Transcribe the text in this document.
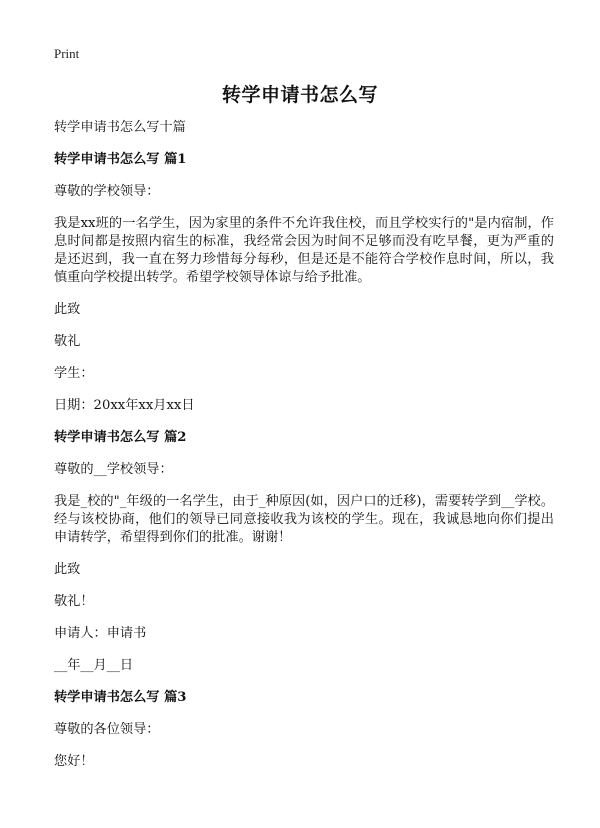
Print
转学申请书怎么写

转学申请书怎么写十篇

转学申请书怎么写 篇1

尊敬的学校领导：

我是xx班的一名学生，因为家里的条件不允许我住校，而且学校实行的"是内宿制，作息时间都是按照内宿生的标准，我经常会因为时间不足够而没有吃早餐，更为严重的是还迟到，我一直在努力珍惜每分每秒，但是还是不能符合学校作息时间，所以，我慎重向学校提出转学。希望学校领导体谅与给予批准。

此致

敬礼

学生：

日期：20xx年xx月xx日

转学申请书怎么写 篇2

尊敬的__学校领导：

我是_校的"_年级的一名学生，由于_种原因(如，因户口的迁移)，需要转学到__学校。经与该校协商，他们的领导已同意接收我为该校的学生。现在，我诚恳地向你们提出申请转学，希望得到你们的批准。谢谢！

此致

敬礼！

申请人：申请书

__年__月__日

转学申请书怎么写 篇3

尊敬的各位领导：

您好！
